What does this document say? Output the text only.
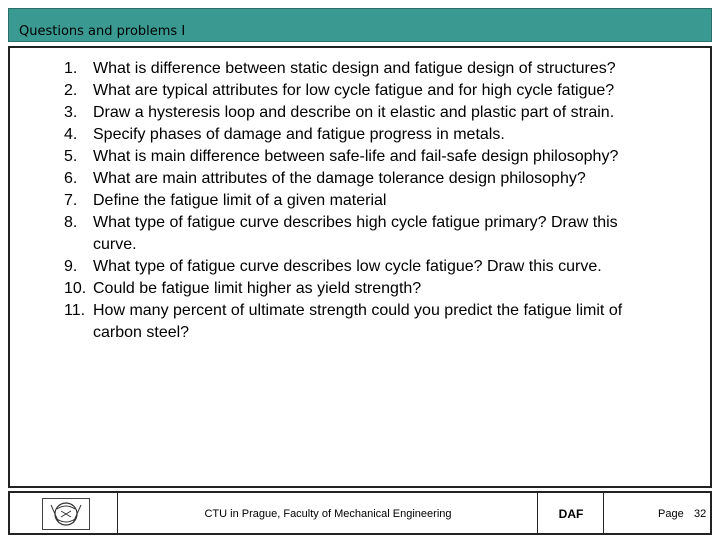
Questions and problems I
1. What is difference between static design and fatigue design of structures?
2. What are typical attributes for low cycle fatigue and for high cycle fatigue?
3. Draw a hysteresis loop and describe on it elastic and plastic part of strain.
4. Specify phases of damage and fatigue progress in metals.
5. What is main difference between safe-life and fail-safe design philosophy?
6. What are main attributes of the damage tolerance design philosophy?
7. Define the fatigue limit of a given material
8. What type of fatigue curve describes high cycle fatigue primary? Draw this curve.
9. What type of fatigue curve describes low cycle fatigue? Draw this curve.
10. Could be fatigue limit higher as yield strength?
11. How many percent of ultimate strength could you predict the fatigue limit of carbon steel?
CTU in Prague, Faculty of Mechanical Engineering	DAF	Page 32
